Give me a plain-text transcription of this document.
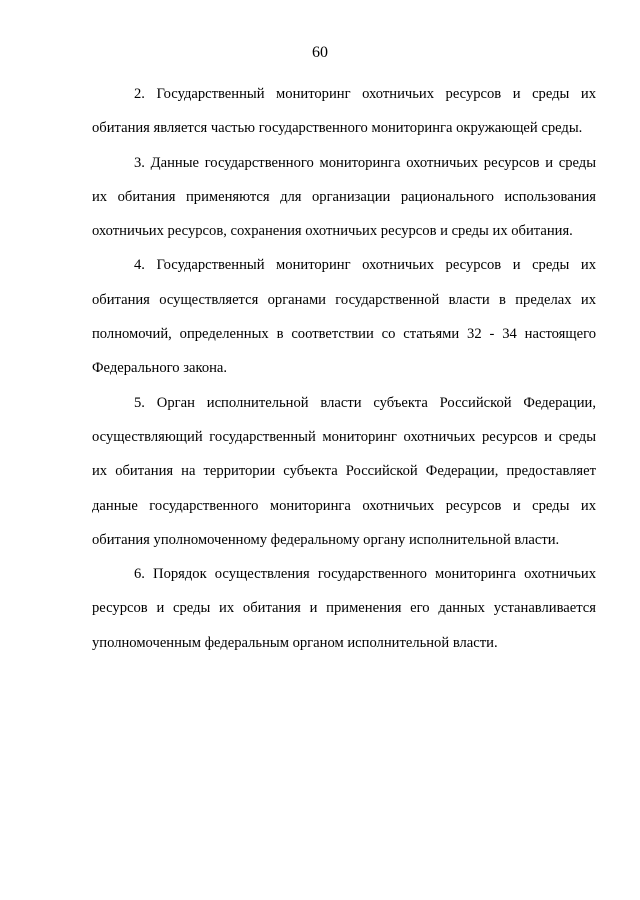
60

2. Государственный мониторинг охотничьих ресурсов и среды их обитания является частью государственного мониторинга окружающей среды.

3. Данные государственного мониторинга охотничьих ресурсов и среды их обитания применяются для организации рационального использования охотничьих ресурсов, сохранения охотничьих ресурсов и среды их обитания.

4. Государственный мониторинг охотничьих ресурсов и среды их обитания осуществляется органами государственной власти в пределах их полномочий, определенных в соответствии со статьями 32 - 34 настоящего Федерального закона.

5. Орган исполнительной власти субъекта Российской Федерации, осуществляющий государственный мониторинг охотничьих ресурсов и среды их обитания на территории субъекта Российской Федерации, предоставляет данные государственного мониторинга охотничьих ресурсов и среды их обитания уполномоченному федеральному органу исполнительной власти.

6. Порядок осуществления государственного мониторинга охотничьих ресурсов и среды их обитания и применения его данных устанавливается уполномоченным федеральным органом исполнительной власти.
